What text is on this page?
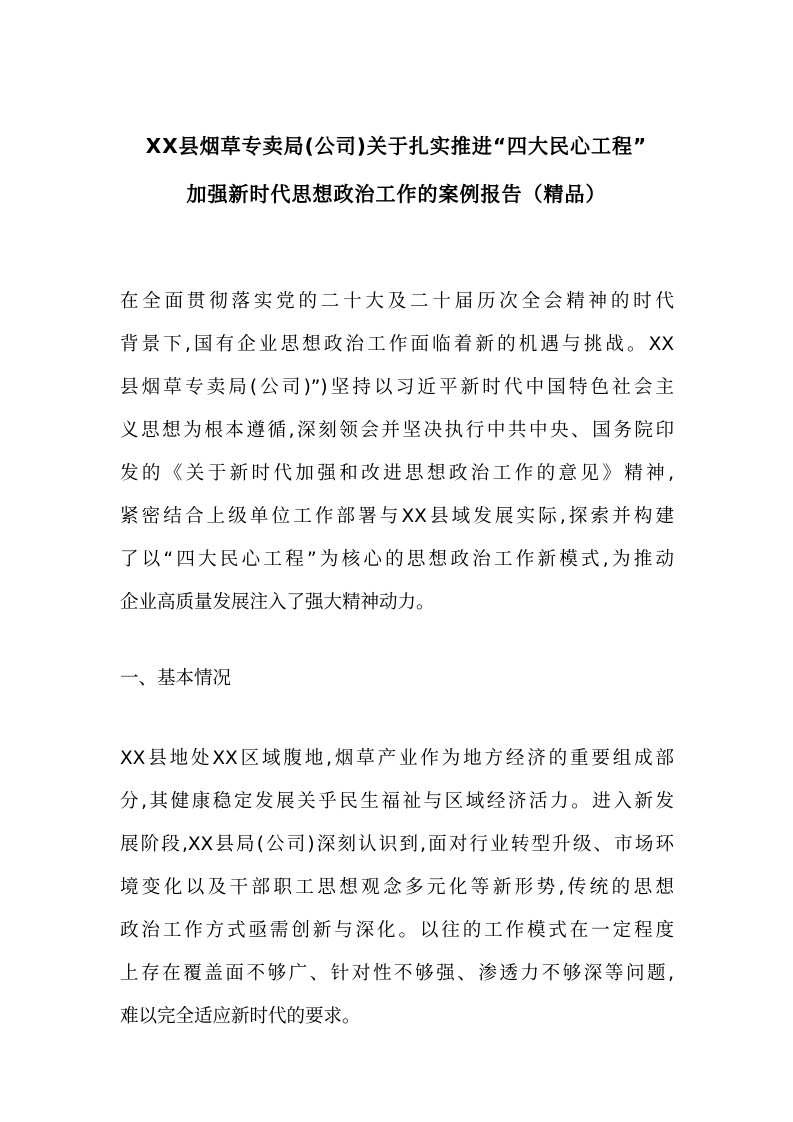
XX县烟草专卖局(公司)关于扎实推进“四大民心工程”
加强新时代思想政治工作的案例报告（精品）
在全面贯彻落实党的二十大及二十届历次全会精神的时代
背景下,国有企业思想政治工作面临着新的机遇与挑战。XX
县烟草专卖局(公司)”)坚持以习近平新时代中国特色社会主
义思想为根本遵循,深刻领会并坚决执行中共中央、国务院印
发的《关于新时代加强和改进思想政治工作的意见》精神,
紧密结合上级单位工作部署与XX县域发展实际,探索并构建
了以“四大民心工程”为核心的思想政治工作新模式,为推动
企业高质量发展注入了强大精神动力。
一、基本情况
XX县地处XX区域腹地,烟草产业作为地方经济的重要组成部
分,其健康稳定发展关乎民生福祉与区域经济活力。进入新发
展阶段,XX县局(公司)深刻认识到,面对行业转型升级、市场环
境变化以及干部职工思想观念多元化等新形势,传统的思想
政治工作方式亟需创新与深化。以往的工作模式在一定程度
上存在覆盖面不够广、针对性不够强、渗透力不够深等问题,
难以完全适应新时代的要求。
